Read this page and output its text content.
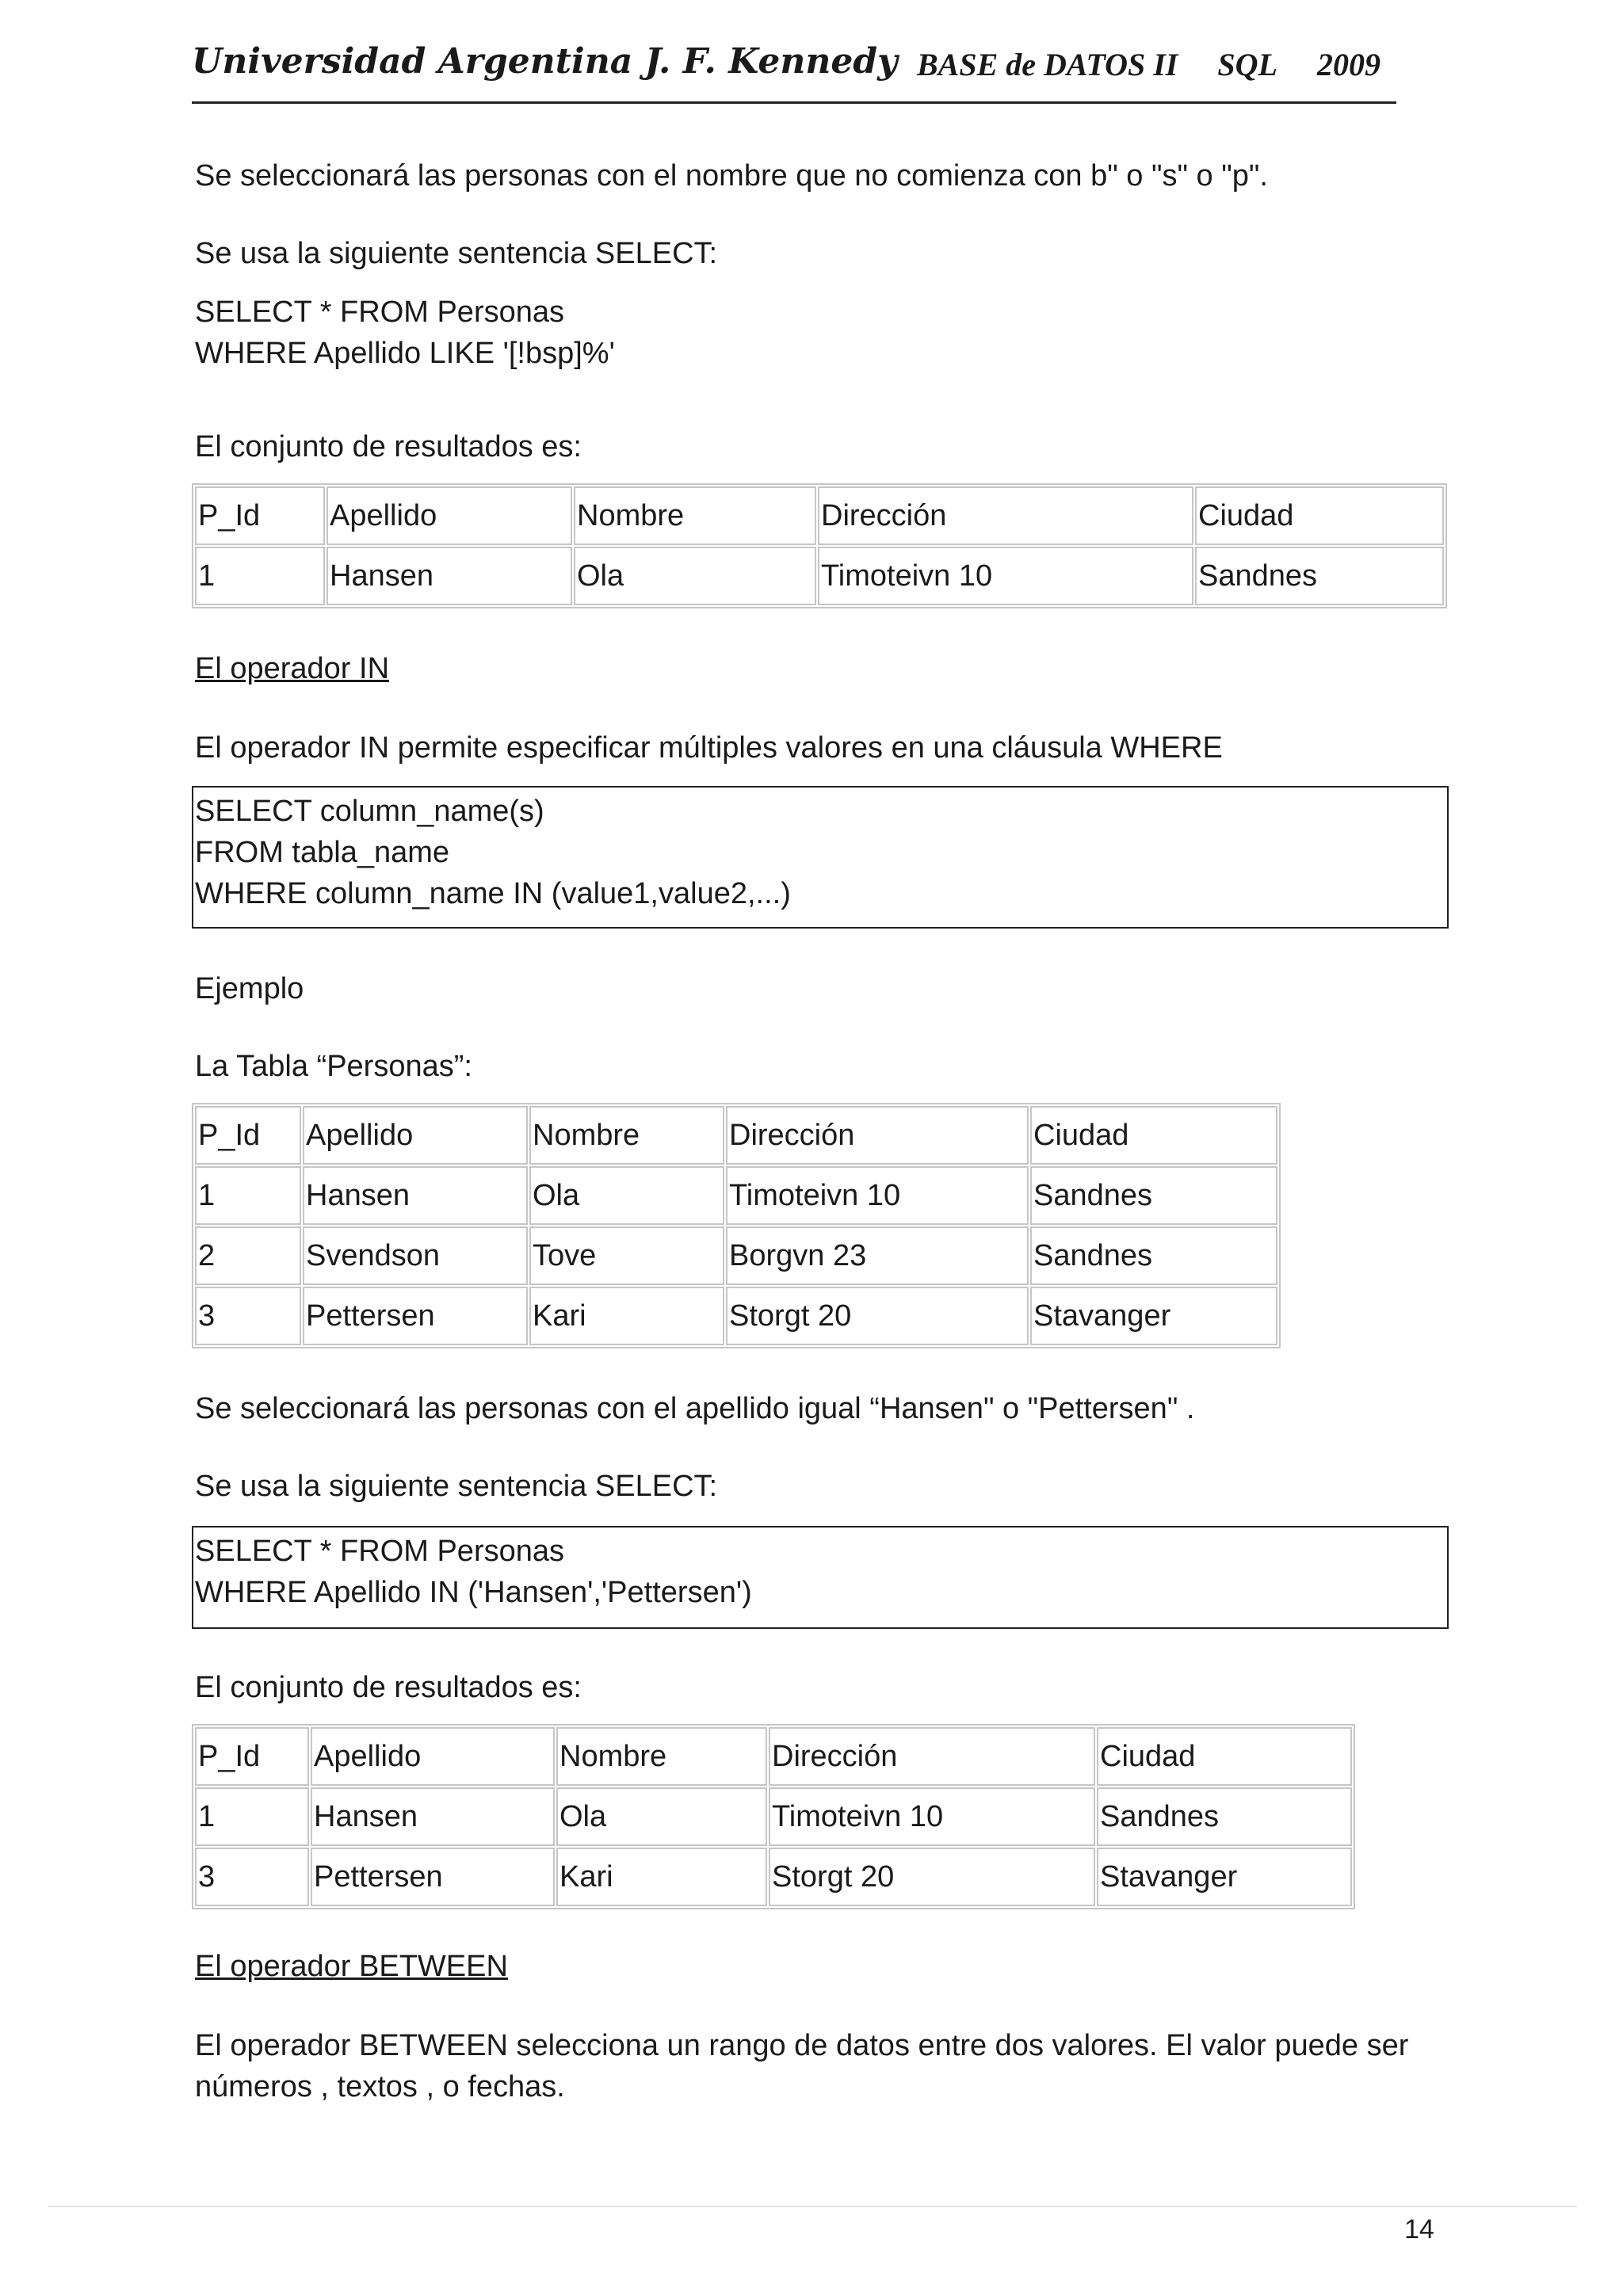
Universidad Argentina J. F. Kennedy BASE de DATOS II SQL 2009
Se seleccionará las personas con el nombre que no comienza con b" o "s" o "p".
Se usa la siguiente sentencia SELECT:
SELECT * FROM Personas
WHERE Apellido LIKE '[!bsp]%'
El conjunto de resultados es:
P_Id	Apellido	Nombre	Dirección	Ciudad
1	Hansen	Ola	Timoteivn 10	Sandnes
El operador IN
El operador IN permite especificar múltiples valores en una cláusula WHERE
SELECT column_name(s)
FROM tabla_name
WHERE column_name IN (value1,value2,...)
Ejemplo
La Tabla “Personas”:
P_Id	Apellido	Nombre	Dirección	Ciudad
1	Hansen	Ola	Timoteivn 10	Sandnes
2	Svendson	Tove	Borgvn 23	Sandnes
3	Pettersen	Kari	Storgt 20	Stavanger
Se seleccionará las personas con el apellido igual “Hansen" o "Pettersen" .
Se usa la siguiente sentencia SELECT:
SELECT * FROM Personas
WHERE Apellido IN ('Hansen','Pettersen')
El conjunto de resultados es:
P_Id	Apellido	Nombre	Dirección	Ciudad
1	Hansen	Ola	Timoteivn 10	Sandnes
3	Pettersen	Kari	Storgt 20	Stavanger
El operador BETWEEN
El operador BETWEEN selecciona un rango de datos entre dos valores. El valor puede ser
números , textos , o fechas.
14
